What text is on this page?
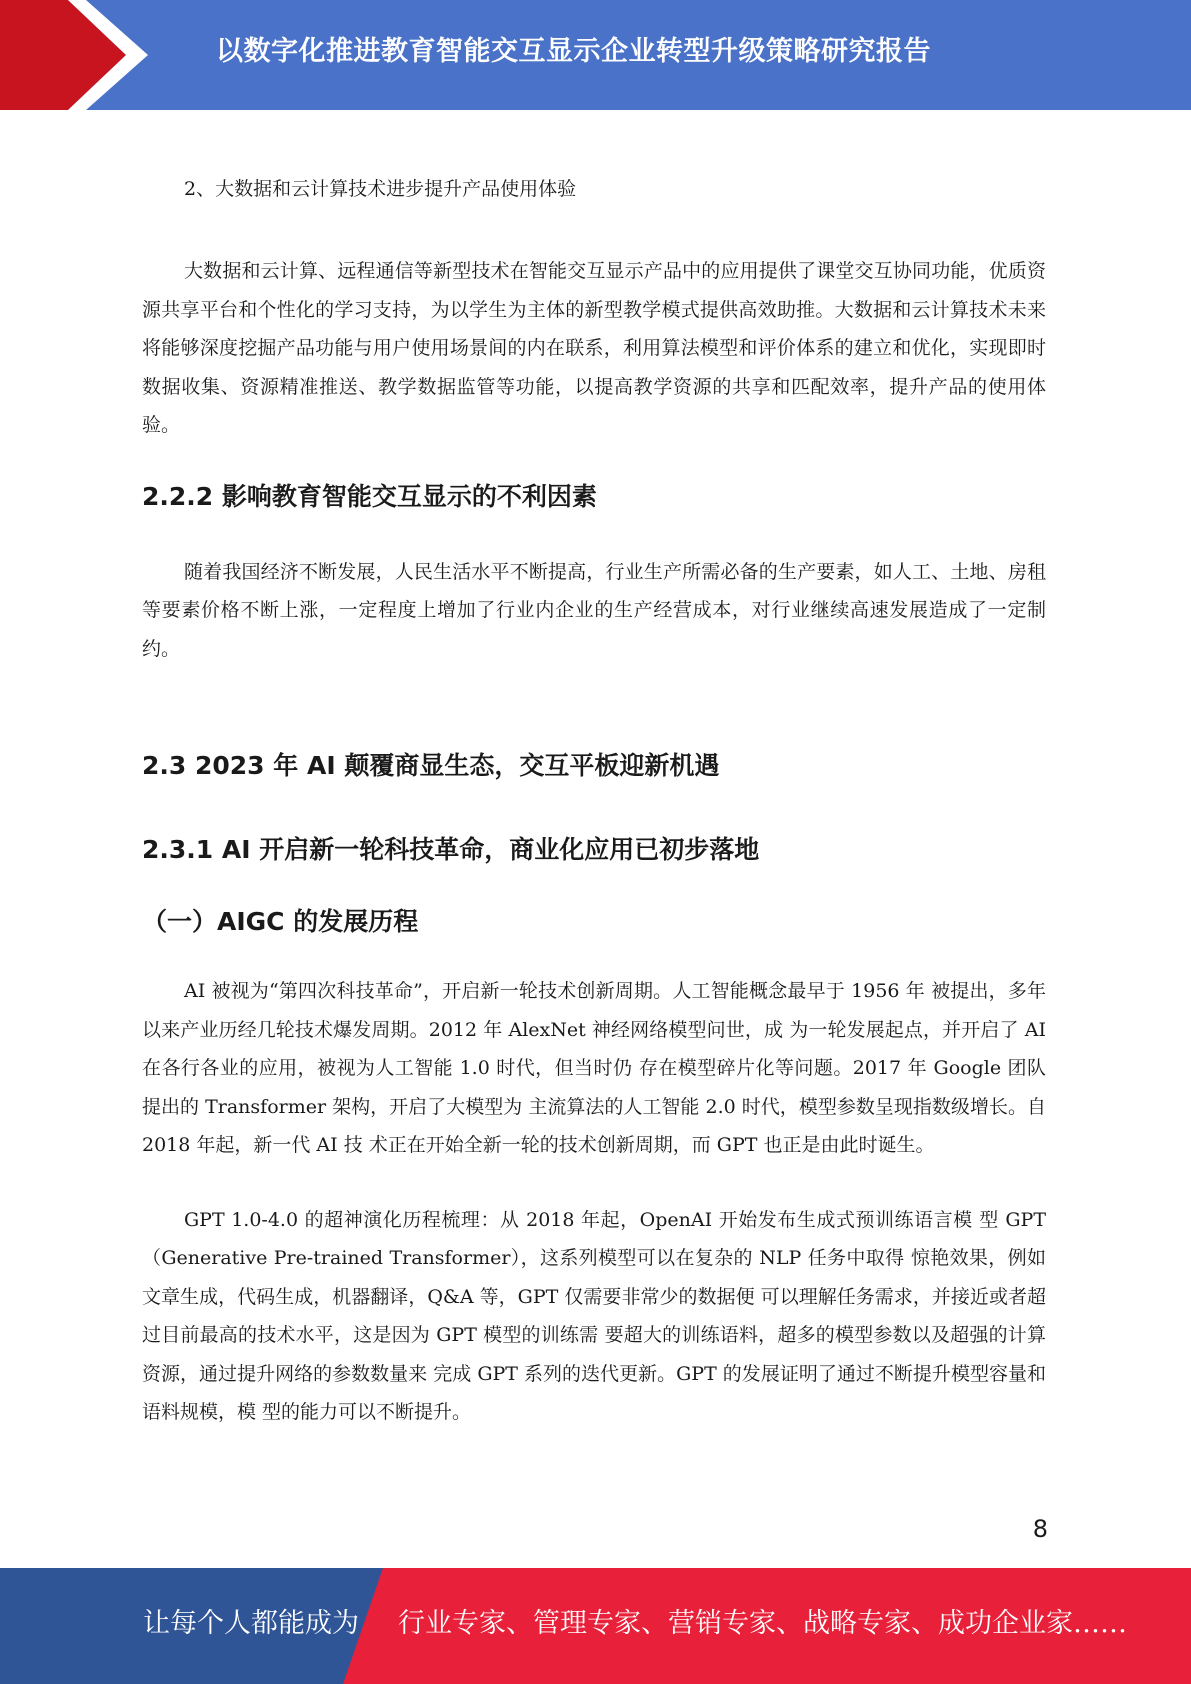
以数字化推进教育智能交互显示企业转型升级策略研究报告

2、大数据和云计算技术进步提升产品使用体验

大数据和云计算、远程通信等新型技术在智能交互显示产品中的应用提供了课堂交互协同功能，优质资源共享平台和个性化的学习支持，为以学生为主体的新型教学模式提供高效助推。大数据和云计算技术未来将能够深度挖掘产品功能与用户使用场景间的内在联系，利用算法模型和评价体系的建立和优化，实现即时数据收集、资源精准推送、教学数据监管等功能，以提高教学资源的共享和匹配效率，提升产品的使用体验。

2.2.2 影响教育智能交互显示的不利因素

随着我国经济不断发展，人民生活水平不断提高，行业生产所需必备的生产要素，如人工、土地、房租等要素价格不断上涨，一定程度上增加了行业内企业的生产经营成本，对行业继续高速发展造成了一定制约。

2.3 2023 年 AI 颠覆商显生态，交互平板迎新机遇
2.3.1 AI 开启新一轮科技革命，商业化应用已初步落地
（一）AIGC 的发展历程

AI 被视为“第四次科技革命”，开启新一轮技术创新周期。人工智能概念最早于 1956 年 被提出，多年以来产业历经几轮技术爆发周期。2012 年 AlexNet 神经网络模型问世，成 为一轮发展起点，并开启了 AI 在各行各业的应用，被视为人工智能 1.0 时代，但当时仍 存在模型碎片化等问题。2017 年 Google 团队提出的 Transformer 架构，开启了大模型为 主流算法的人工智能 2.0 时代，模型参数呈现指数级增长。自 2018 年起，新一代 AI 技 术正在开始全新一轮的技术创新周期，而 GPT 也正是由此时诞生。

GPT 1.0-4.0 的超神演化历程梳理：从 2018 年起，OpenAI 开始发布生成式预训练语言模 型 GPT（Generative Pre-trained Transformer），这系列模型可以在复杂的 NLP 任务中取得 惊艳效果，例如文章生成，代码生成，机器翻译，Q&A 等，GPT 仅需要非常少的数据便 可以理解任务需求，并接近或者超过目前最高的技术水平，这是因为 GPT 模型的训练需 要超大的训练语料，超多的模型参数以及超强的计算资源，通过提升网络的参数数量来 完成 GPT 系列的迭代更新。GPT 的发展证明了通过不断提升模型容量和语料规模，模 型的能力可以不断提升。

8
让每个人都能成为 行业专家、管理专家、营销专家、战略专家、成功企业家……
